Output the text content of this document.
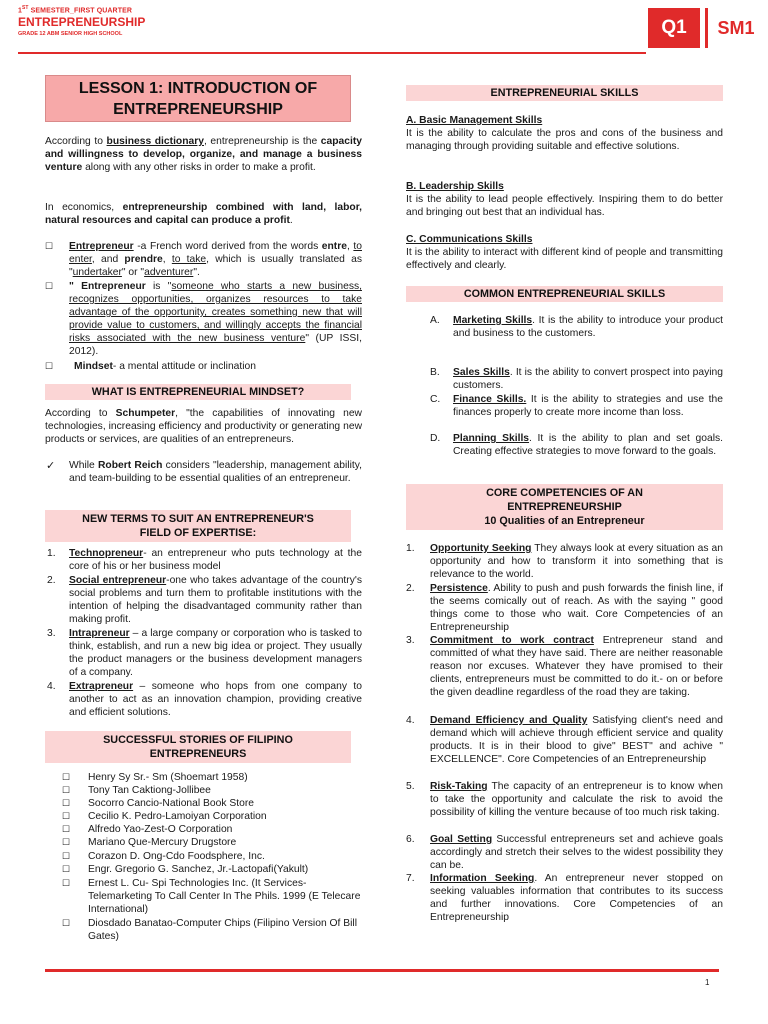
1ST SEMESTER_FIRST QUARTER
ENTREPRENEURSHIP
GRADE 12 ABM SENIOR HIGH SCHOOL	Q1	SM1
LESSON 1: INTRODUCTION OF
ENTREPRENEURSHIP
According to business dictionary, entrepreneurship is the capacity and willingness to develop, organize, and manage a business venture along with any other risks in order to make a profit.
In economics, entrepreneurship combined with land, labor, natural resources and capital can produce a profit.
☐ Entrepreneur -a French word derived from the words entre, to enter, and prendre, to take, which is usually translated as "undertaker" or "adventurer".
☐ " Entrepreneur is "someone who starts a new business, recognizes opportunities, organizes resources to take advantage of the opportunity, creates something new that will provide value to customers, and willingly accepts the financial risks associated with the new business venture" (UP ISSI, 2012).
☐ Mindset- a mental attitude or inclination
WHAT IS ENTREPRENEURIAL MINDSET?
According to Schumpeter, "the capabilities of innovating new technologies, increasing efficiency and productivity or generating new products or services, are qualities of an entrepreneurs.
✓ While Robert Reich considers "leadership, management ability, and team-building to be essential qualities of an entrepreneur.
NEW TERMS TO SUIT AN ENTREPRENEUR'S
FIELD OF EXPERTISE:
1. Technopreneur- an entrepreneur who puts technology at the core of his or her business model
2. Social entrepreneur-one who takes advantage of the country's social problems and turn them to profitable institutions with the intention of helping the disadvantaged community rather than making profit.
3. Intrapreneur – a large company or corporation who is tasked to think, establish, and run a new big idea or project. They usually the product managers or the business development managers of a company.
4. Extrapreneur – someone who hops from one company to another to act as an innovation champion, providing creative and efficient solutions.
SUCCESSFUL STORIES OF FILIPINO
ENTREPRENEURS
☐ Henry Sy Sr.- Sm (Shoemart 1958)
☐ Tony Tan Caktiong-Jollibee
☐ Socorro Cancio-National Book Store
☐ Cecilio K. Pedro-Lamoiyan Corporation
☐ Alfredo Yao-Zest-O Corporation
☐ Mariano Que-Mercury Drugstore
☐ Corazon D. Ong-Cdo Foodsphere, Inc.
☐ Engr. Gregorio G. Sanchez, Jr.-Lactopafi(Yakult)
☐ Ernest L. Cu- Spi Technologies Inc. (It Services-Telemarketing To Call Center In The Phils. 1999 (E Telecare International)
☐ Diosdado Banatao-Computer Chips (Filipino Version Of Bill Gates)
ENTREPRENEURIAL SKILLS
A. Basic Management Skills
It is the ability to calculate the pros and cons of the business and managing through providing suitable and effective solutions.
B. Leadership Skills
It is the ability to lead people effectively. Inspiring them to do better and bringing out best that an individual has.
C. Communications Skills
It is the ability to interact with different kind of people and transmitting effectively and clearly.
COMMON ENTREPRENEURIAL SKILLS
A. Marketing Skills. It is the ability to introduce your product and business to the customers.
B. Sales Skills. It is the ability to convert prospect into paying customers.
C. Finance Skills. It is the ability to strategies and use the finances properly to create more income than loss.
D. Planning Skills. It is the ability to plan and set goals. Creating effective strategies to move forward to the goals.
CORE COMPETENCIES OF AN
ENTREPRENEURSHIP
10 Qualities of an Entrepreneur
1. Opportunity Seeking They always look at every situation as an opportunity and how to transform it into something that is relevance to the world.
2. Persistence. Ability to push and push forwards the finish line, if the seems comically out of reach. As with the saying " good things come to those who wait. Core Competencies of an Entrepreneurship
3. Commitment to work contract Entrepreneur stand and committed of what they have said. There are neither reasonable reason nor excuses. Whatever they have promised to their clients, entrepreneurs must be committed to do it.- on or before the given deadline regardless of the road they are taking.
4. Demand Efficiency and Quality Satisfying client's need and demand which will achieve through efficient service and quality products. It is in their blood to give" BEST" and achive " EXCELLENCE". Core Competencies of an Entrepreneurship
5. Risk-Taking The capacity of an entrepreneur is to know when to take the opportunity and calculate the risk to avoid the possibility of killing the venture because of too much risk taking.
6. Goal Setting Successful entrepreneurs set and achieve goals accordingly and stretch their selves to the widest possibility they can be.
7. Information Seeking. An entrepreneur never stopped on seeking valuables information that contributes to its success and further innovations. Core Competencies of an Entrepreneurship
1
